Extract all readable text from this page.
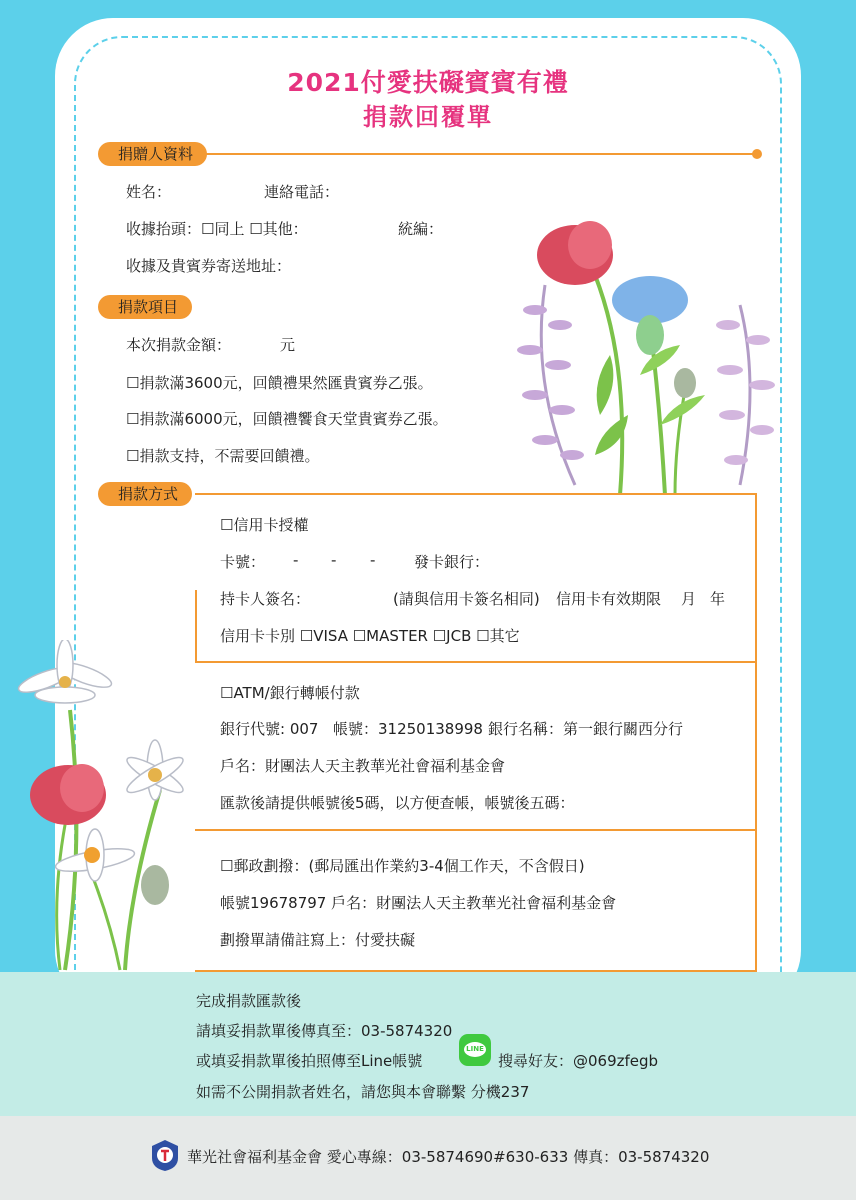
2021付愛扶礙賓賓有禮
捐款回覆單
捐贈人資料
姓名：	連絡電話：
收據抬頭：☐同上 ☐其他：	統編：
收據及貴賓券寄送地址：
捐款項目
本次捐款金額：	元
☐捐款滿3600元，回饋禮果然匯貴賓券乙張。
☐捐款滿6000元，回饋禮饗食天堂貴賓券乙張。
☐捐款支持，不需要回饋禮。
捐款方式
☐信用卡授權
卡號： - - -	發卡銀行：
持卡人簽名：	(請與信用卡簽名相同) 信用卡有效期限 月 年
信用卡卡別 ☐VISA ☐MASTER ☐JCB ☐其它
☐ATM/銀行轉帳付款
銀行代號: 007 帳號：31250138998 銀行名稱：第一銀行關西分行
戶名：財團法人天主教華光社會福利基金會
匯款後請提供帳號後5碼，以方便查帳，帳號後五碼：
☐郵政劃撥：(郵局匯出作業約3-4個工作天，不含假日)
帳號19678797 戶名：財團法人天主教華光社會福利基金會
劃撥單請備註寫上：付愛扶礙
完成捐款匯款後
請填妥捐款單後傳真至：03-5874320
或填妥捐款單後拍照傳至Line帳號
LINE
搜尋好友：@069zfegb
如需不公開捐款者姓名，請您與本會聯繫 分機237
華光社會福利基金會 愛心專線：03-5874690#630-633 傳真：03-5874320
